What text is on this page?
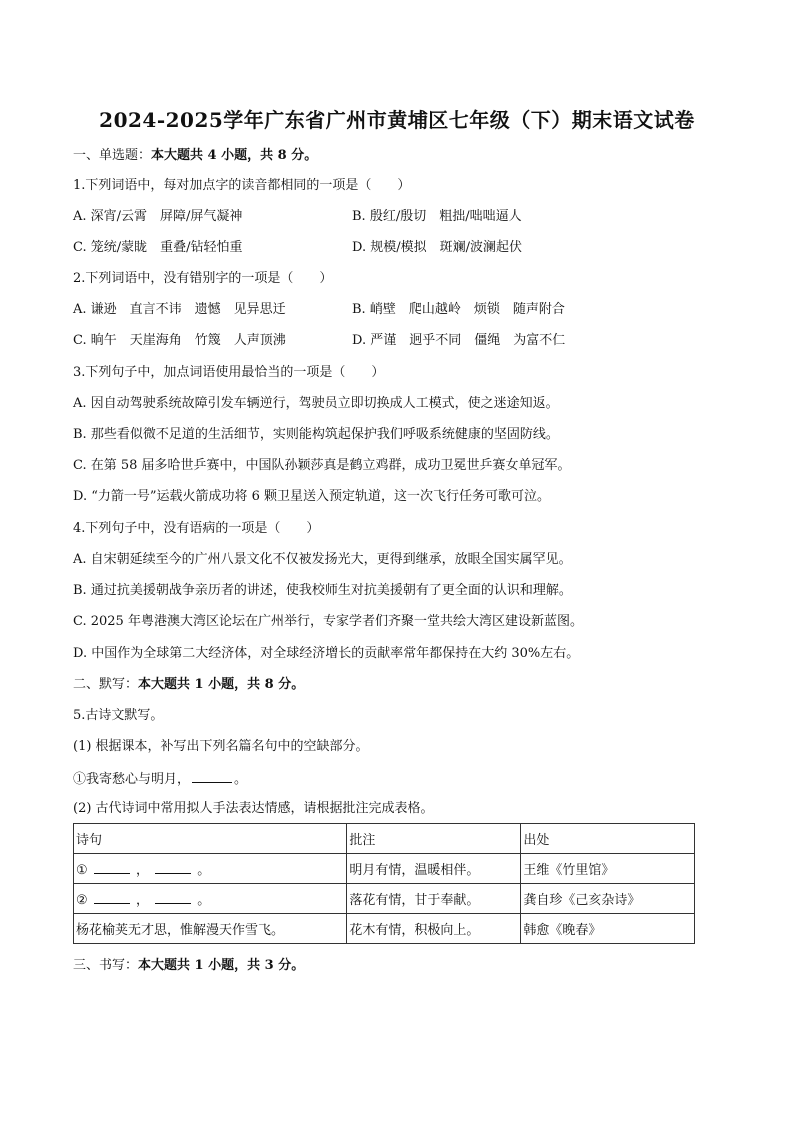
2024-2025学年广东省广州市黄埔区七年级（下）期末语文试卷
一、单选题：本大题共 4 小题，共 8 分。
1.下列词语中，每对加点字的读音都相同的一项是（　　）
A. 深宵/云霄　屏障/屏气凝神	B. 殷红/殷切　粗拙/咄咄逼人
C. 笼统/蒙眬　重叠/钻轻怕重	D. 规模/模拟　斑斓/波澜起伏
2.下列词语中，没有错别字的一项是（　　）
A. 谦逊　直言不讳　遗憾　见异思迁	B. 峭壁　爬山越岭　烦锁　随声附合
C. 晌午　天崖海角　竹篾　人声顶沸	D. 严谨　迥乎不同　僵绳　为富不仁
3.下列句子中，加点词语使用最恰当的一项是（　　）
A. 因自动驾驶系统故障引发车辆逆行，驾驶员立即切换成人工模式，使之迷途知返。
B. 那些看似微不足道的生活细节，实则能构筑起保护我们呼吸系统健康的坚固防线。
C. 在第 58 届多哈世乒赛中，中国队孙颖莎真是鹤立鸡群，成功卫冕世乒赛女单冠军。
D. “力箭一号”运载火箭成功将 6 颗卫星送入预定轨道，这一次飞行任务可歌可泣。
4.下列句子中，没有语病的一项是（　　）
A. 自宋朝延续至今的广州八景文化不仅被发扬光大，更得到继承，放眼全国实属罕见。
B. 通过抗美援朝战争亲历者的讲述，使我校师生对抗美援朝有了更全面的认识和理解。
C. 2025 年粤港澳大湾区论坛在广州举行，专家学者们齐聚一堂共绘大湾区建设新蓝图。
D. 中国作为全球第二大经济体，对全球经济增长的贡献率常年都保持在大约 30%左右。
二、默写：本大题共 1 小题，共 8 分。
5.古诗文默写。
(1) 根据课本，补写出下列名篇名句中的空缺部分。
①我寄愁心与明月，	。
(2) 古代诗词中常用拟人手法表达情感，请根据批注完成表格。
诗句	批注	出处
① ， 。	明月有情，温暖相伴。	王维《竹里馆》
② ， 。	落花有情，甘于奉献。	龚自珍《己亥杂诗》
杨花榆荚无才思，惟解漫天作雪飞。	花木有情，积极向上。	韩愈《晚春》
三、书写：本大题共 1 小题，共 3 分。
